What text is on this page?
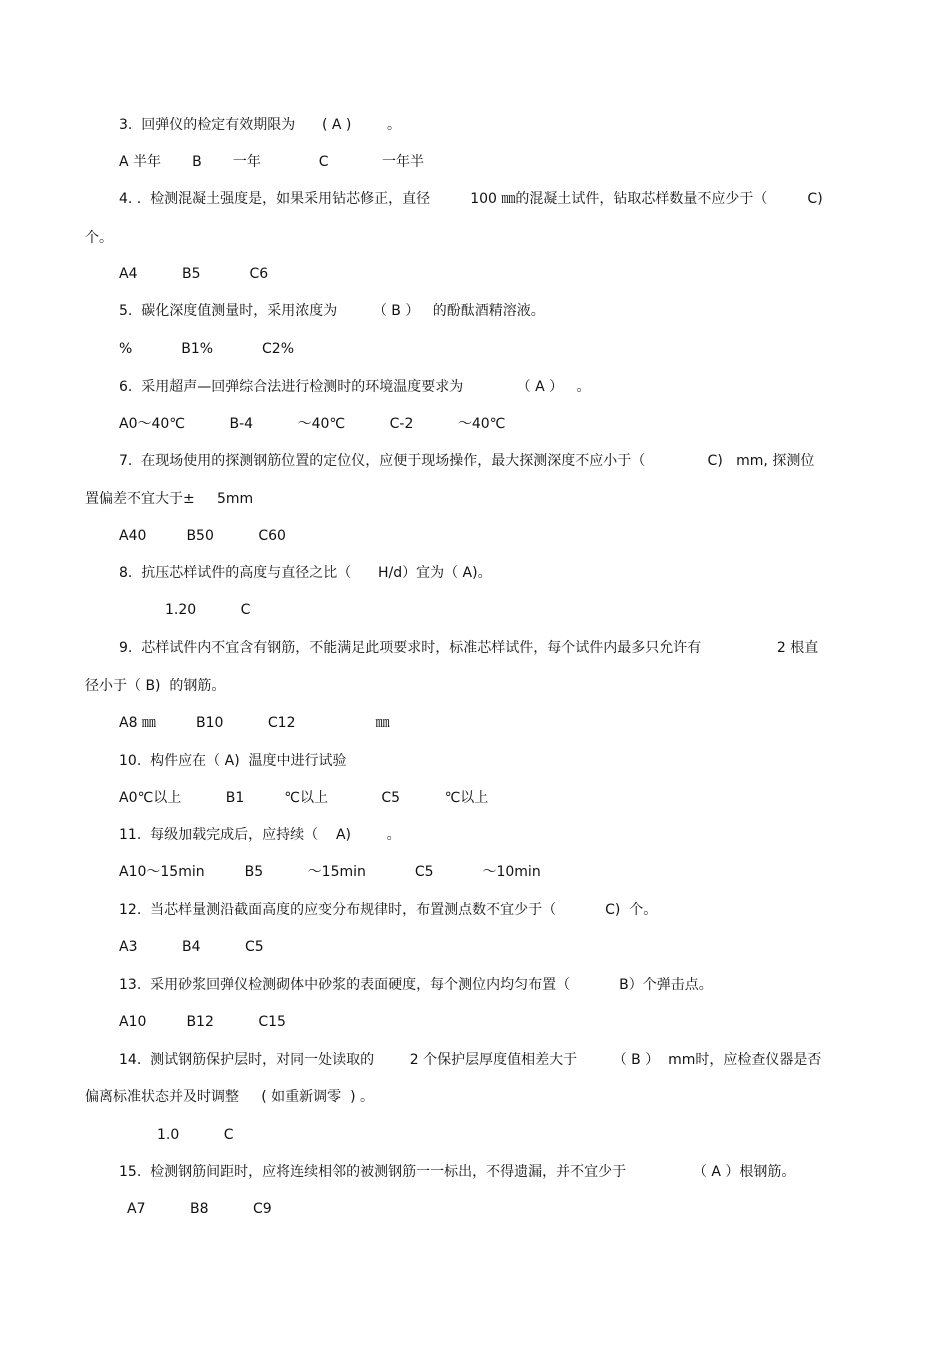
3.  回弹仪的检定有效期限为      ( A )        。
A 半年       B       一年             C            一年半
4. .  检测混凝土强度是，如果采用钻芯修正，直径         100 ㎜的混凝土试件，钻取芯样数量不应少于（         C)
个。
A4          B5           C6
5.  碳化深度值测量时，采用浓度为        （ B ）   的酚酞酒精溶液。
%           B1%           C2%
6.  采用超声—回弹综合法进行检测时的环境温度要求为            （ A ）   。
A0～40℃          B-4          ～40℃          C-2          ～40℃
7.  在现场使用的探测钢筋位置的定位仪，应便于现场操作，最大探测深度不应小于（              C)   mm, 探测位
置偏差不宜大于±     5mm
A40         B50          C60
8.  抗压芯样试件的高度与直径之比（      H/d）宜为（ A)。
1.20          C
9.  芯样试件内不宜含有钢筋，不能满足此项要求时，标准芯样试件，每个试件内最多只允许有                 2 根直
径小于（ B)  的钢筋。
A8 ㎜         B10          C12                  ㎜
10.  构件应在（ A)  温度中进行试验
A0℃以上          B1         ℃以上            C5          ℃以上
11.  每级加载完成后，应持续（    A)        。
A10～15min         B5          ～15min           C5           ～10min
12.  当芯样量测沿截面高度的应变分布规律时，布置测点数不宜少于（           C)  个。
A3          B4          C5
13.  采用砂浆回弹仪检测砌体中砂浆的表面硬度，每个测位内均匀布置（           B）个弹击点。
A10         B12          C15
14.  测试钢筋保护层时，对同一处读取的        2 个保护层厚度值相差大于        （ B ）  mm时，应检查仪器是否
偏离标准状态并及时调整     ( 如重新调零  ) 。
1.0          C
15.  检测钢筋间距时，应将连续相邻的被测钢筋一一标出，不得遗漏，并不宜少于               （ A ）根钢筋。
A7          B8          C9
